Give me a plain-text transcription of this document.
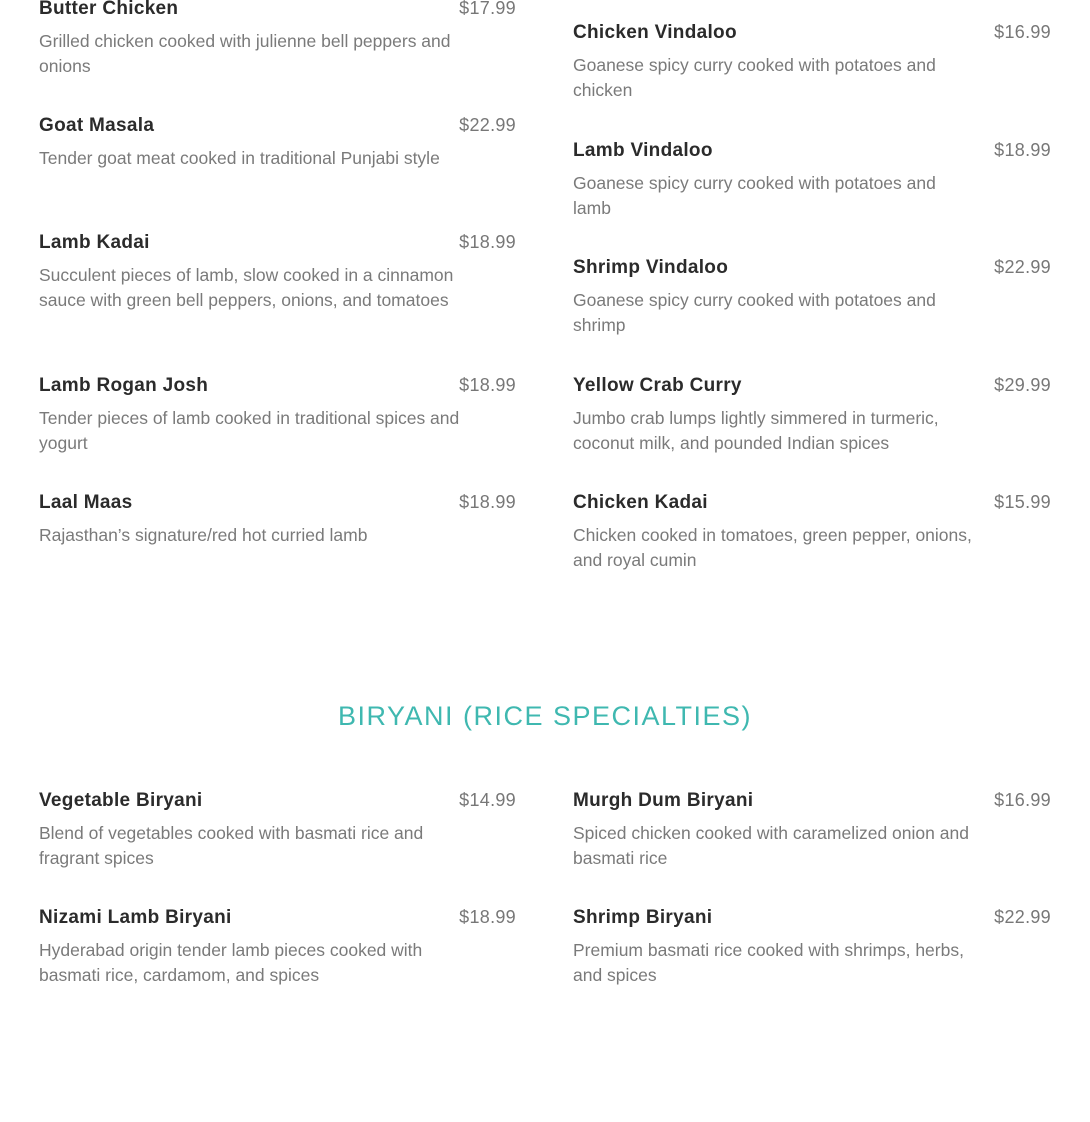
Butter Chicken	$17.99
Grilled chicken cooked with julienne bell peppers and onions
Goat Masala	$22.99
Tender goat meat cooked in traditional Punjabi style
Lamb Kadai	$18.99
Succulent pieces of lamb, slow cooked in a cinnamon sauce with green bell peppers, onions, and tomatoes
Lamb Rogan Josh	$18.99
Tender pieces of lamb cooked in traditional spices and yogurt
Laal Maas	$18.99
Rajasthan’s signature/red hot curried lamb
Chicken Vindaloo	$16.99
Goanese spicy curry cooked with potatoes and chicken
Lamb Vindaloo	$18.99
Goanese spicy curry cooked with potatoes and lamb
Shrimp Vindaloo	$22.99
Goanese spicy curry cooked with potatoes and shrimp
Yellow Crab Curry	$29.99
Jumbo crab lumps lightly simmered in turmeric, coconut milk, and pounded Indian spices
Chicken Kadai	$15.99
Chicken cooked in tomatoes, green pepper, onions, and royal cumin
BIRYANI (RICE SPECIALTIES)
Vegetable Biryani	$14.99
Blend of vegetables cooked with basmati rice and fragrant spices
Nizami Lamb Biryani	$18.99
Hyderabad origin tender lamb pieces cooked with basmati rice, cardamom, and spices
Murgh Dum Biryani	$16.99
Spiced chicken cooked with caramelized onion and basmati rice
Shrimp Biryani	$22.99
Premium basmati rice cooked with shrimps, herbs, and spices
